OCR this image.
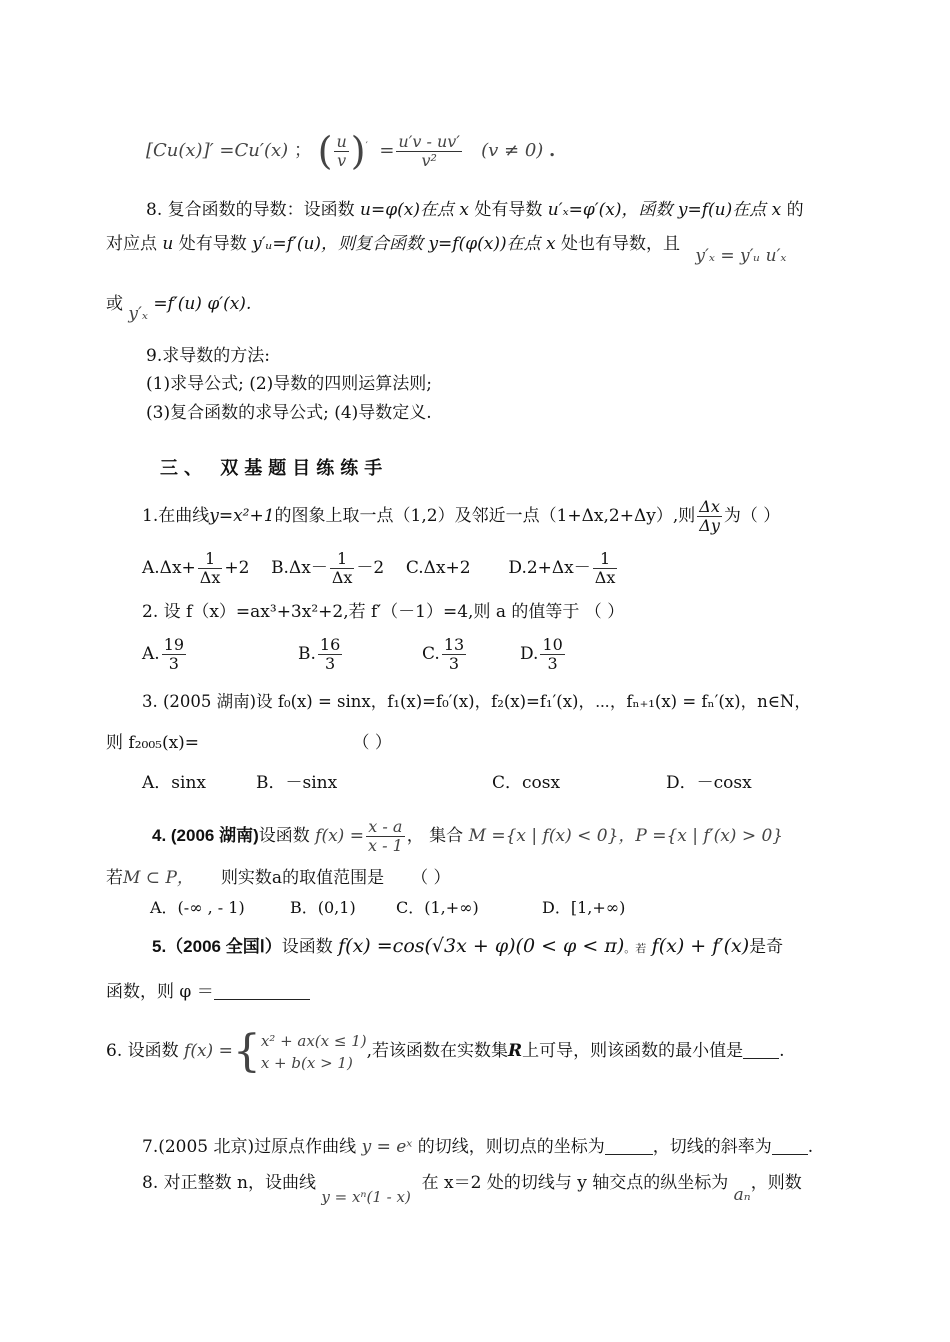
[Cu(x)]′ =Cu′(x) ； ( $\frac{u}{v} )' = \frac{u'v - uv'}{\text{v²}} (v \ne 0)$ .
8. 复合函数的导数：设函数 u=φ(x)在点 x 处有导数 u′ₓ=φ′(x)，函数 y=f(u)在点 x 的
对应点 u 处有导数 y′ᵤ=f′(u)，则复合函数 y=f(φ(x))在点 x 处也有导数，且 y′ₓ = y′ᵤ u′ₓ
或 y′ₓ =f′(u) φ′(x).
9.求导数的方法:
(1)求导公式; (2)导数的四则运算法则;
(3)复合函数的求导公式; (4)导数定义.
三、 双基题目练练手
1.在曲线y=x²+1的图象上取一点（1,2）及邻近一点（1+Δx,2+Δy）,则 $\frac{\Delta x}{\Delta y}$ 为（ ）
$A.\Delta x+ \frac{1}{\Delta x} +2$ $B.\Delta x- \frac{1}{\Delta x} -2$ C.Δx+2 $D.2+\Delta x- \frac{1}{\Delta x}$
2. 设 f（x）=ax³+3x²+2,若 f′（－1）=4,则 a 的值等于 （ ）
A. $\frac{19}{3}$	B. $\frac{16}{3}$	C. $\frac{13}{3}$	D. $\frac{10}{3}$
3. (2005 湖南)设 f₀(x) = sinx，f₁(x)=f₀′(x)，f₂(x)=f₁′(x)，⋯，fₙ₊₁(x) = fₙ′(x)，n∈N，
则 f₂₀₀₅(x)=	（ ）
A．sinx	B．－sinx	C．cosx	D．－cosx
4. (2006 湖南)设函数 $f(x) = \frac{x - a}{x - 1}$ ， 集合 M ={x | f(x) < 0}，P ={x | f′(x) > 0}
若M ⊂ P， 则实数a的取值范围是 （ ）
A．(-∞ , - 1)	B．(0,1)	C．(1,+∞)	D．[1,+∞)
5.（2006 全国Ⅰ）设函数 f(x) =cos(√3x + φ)(0 < φ < π)。若 f(x) + f′(x)是奇
函数，则 φ ＝
6. 设函数 f(x) ={ x² + ax(x ≤ 1)
x + b(x > 1)
,若该函数在实数集R上可导，则该函数的最小值是 .
7.(2005 北京)过原点作曲线 y = eˣ 的切线，则切点的坐标为	，切线的斜率为 .
8. 对正整数 n，设曲线 y = xⁿ(1 - x)  在 x＝2 处的切线与 y 轴交点的纵坐标为 aₙ，则数
